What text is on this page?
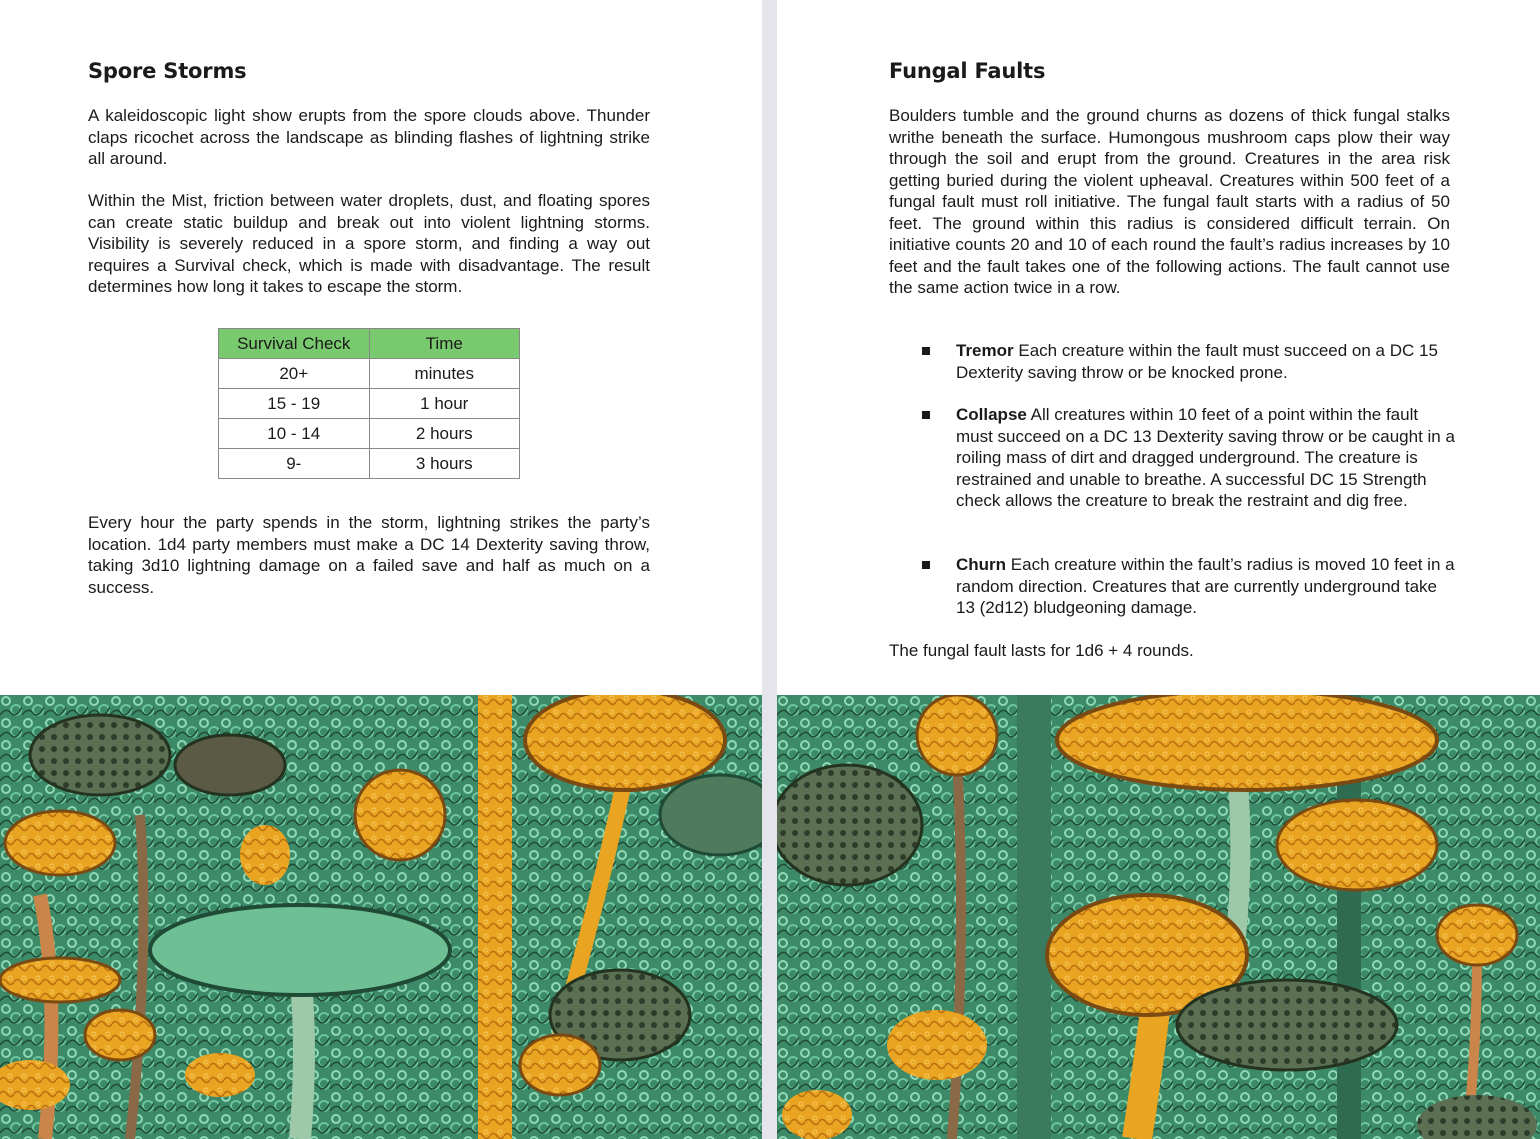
Spore Storms

A kaleidoscopic light show erupts from the spore clouds above. Thunder claps ricochet across the landscape as blinding flashes of lightning strike all around.

Within the Mist, friction between water droplets, dust, and floating spores can create static buildup and break out into violent lightning storms. Visibility is severely reduced in a spore storm, and finding a way out requires a Survival check, which is made with disadvantage. The result determines how long it takes to escape the storm.

Survival Check	Time
20+	minutes
15 - 19	1 hour
10 - 14	2 hours
9-	3 hours

Every hour the party spends in the storm, lightning strikes the party’s location. 1d4 party members must make a DC 14 Dexterity saving throw, taking 3d10 lightning damage on a failed save and half as much on a success.

Fungal Faults

Boulders tumble and the ground churns as dozens of thick fungal stalks writhe beneath the surface. Humongous mushroom caps plow their way through the soil and erupt from the ground. Creatures in the area risk getting buried during the violent upheaval. Creatures within 500 feet of a fungal fault must roll initiative. The fungal fault starts with a radius of 50 feet. The ground within this radius is considered difficult terrain. On initiative counts 20 and 10 of each round the fault’s radius increases by 10 feet and the fault takes one of the following actions. The fault cannot use the same action twice in a row.

Tremor Each creature within the fault must succeed on a DC 15 Dexterity saving throw or be knocked prone.

Collapse All creatures within 10 feet of a point within the fault must succeed on a DC 13 Dexterity saving throw or be caught in a roiling mass of dirt and dragged underground. The creature is restrained and unable to breathe. A successful DC 15 Strength check allows the creature to break the restraint and dig free.

Churn Each creature within the fault’s radius is moved 10 feet in a random direction. Creatures that are currently underground take 13 (2d12) bludgeoning damage.

The fungal fault lasts for 1d6 + 4 rounds.
